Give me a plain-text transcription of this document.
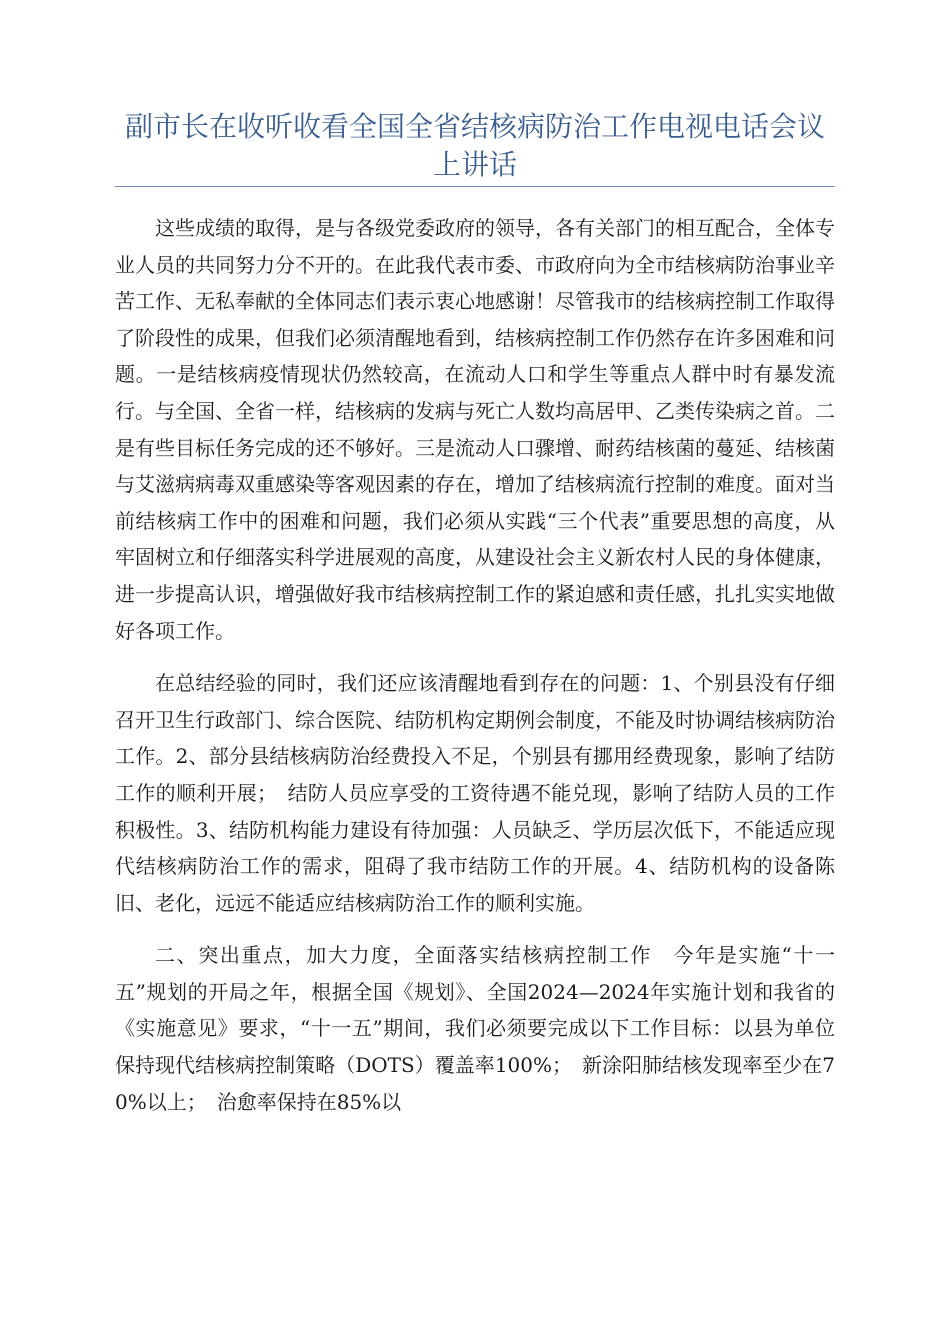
副市长在收听收看全国全省结核病防治工作电视电话会议上讲话

这些成绩的取得，是与各级党委政府的领导，各有关部门的相互配合，全体专业人员的共同努力分不开的。在此我代表市委、市政府向为全市结核病防治事业辛苦工作、无私奉献的全体同志们表示衷心地感谢！尽管我市的结核病控制工作取得了阶段性的成果，但我们必须清醒地看到，结核病控制工作仍然存在许多困难和问题。一是结核病疫情现状仍然较高，在流动人口和学生等重点人群中时有暴发流行。与全国、全省一样，结核病的发病与死亡人数均高居甲、乙类传染病之首。二是有些目标任务完成的还不够好。三是流动人口骤增、耐药结核菌的蔓延、结核菌与艾滋病病毒双重感染等客观因素的存在，增加了结核病流行控制的难度。面对当前结核病工作中的困难和问题，我们必须从实践“三个代表”重要思想的高度，从牢固树立和仔细落实科学进展观的高度，从建设社会主义新农村人民的身体健康，进一步提高认识，增强做好我市结核病控制工作的紧迫感和责任感，扎扎实实地做好各项工作。

在总结经验的同时，我们还应该清醒地看到存在的问题：1、个别县没有仔细召开卫生行政部门、综合医院、结防机构定期例会制度，不能及时协调结核病防治工作。2、部分县结核病防治经费投入不足，个别县有挪用经费现象，影响了结防工作的顺利开展；　结防人员应享受的工资待遇不能兑现，影响了结防人员的工作积极性。3、结防机构能力建设有待加强：人员缺乏、学历层次低下，不能适应现代结核病防治工作的需求，阻碍了我市结防工作的开展。4、结防机构的设备陈旧、老化，远远不能适应结核病防治工作的顺利实施。

二、突出重点，加大力度，全面落实结核病控制工作　今年是实施“十一五”规划的开局之年，根据全国《规划》、全国2024—2024年实施计划和我省的《实施意见》要求，“十一五”期间，我们必须要完成以下工作目标：以县为单位保持现代结核病控制策略（DOTS）覆盖率100%；　新涂阳肺结核发现率至少在70%以上；　治愈率保持在85%以
